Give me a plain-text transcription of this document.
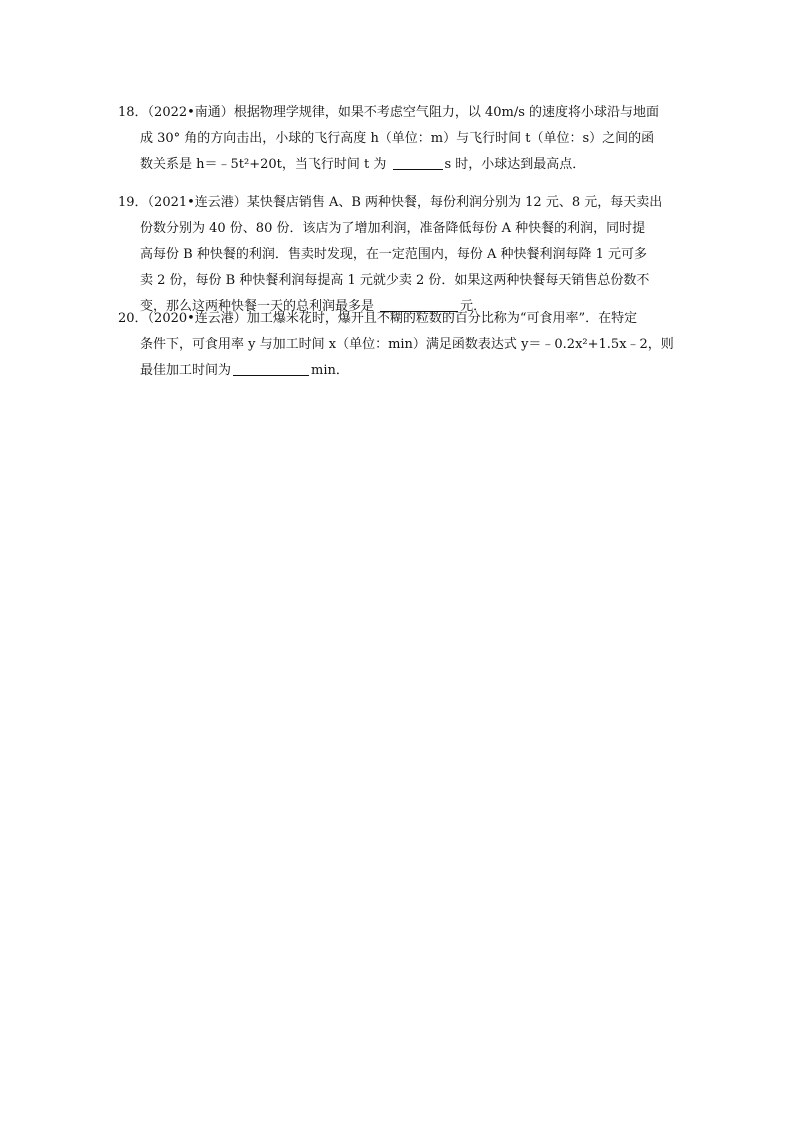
18．（2022•南通）根据物理学规律，如果不考虑空气阻力，以 40m/s 的速度将小球沿与地面
成 30° 角的方向击出，小球的飞行高度 h（单位：m）与飞行时间 t（单位：s）之间的函
数关系是 h＝﹣5t²+20t，当飞行时间 t 为	s 时，小球达到最高点．
19．（2021•连云港）某快餐店销售 A、B 两种快餐，每份利润分别为 12 元、8 元，每天卖出
份数分别为 40 份、80 份．该店为了增加利润，准备降低每份 A 种快餐的利润，同时提
高每份 B 种快餐的利润．售卖时发现，在一定范围内，每份 A 种快餐利润每降 1 元可多
卖 2 份，每份 B 种快餐利润每提高 1 元就少卖 2 份．如果这两种快餐每天销售总份数不
变，那么这两种快餐一天的总利润最多是	元．
20．（2020•连云港）加工爆米花时，爆开且不糊的粒数的百分比称为“可食用率”．在特定
条件下，可食用率 y 与加工时间 x（单位：min）满足函数表达式 y＝﹣0.2x²+1.5x﹣2，则
最佳加工时间为	min．
